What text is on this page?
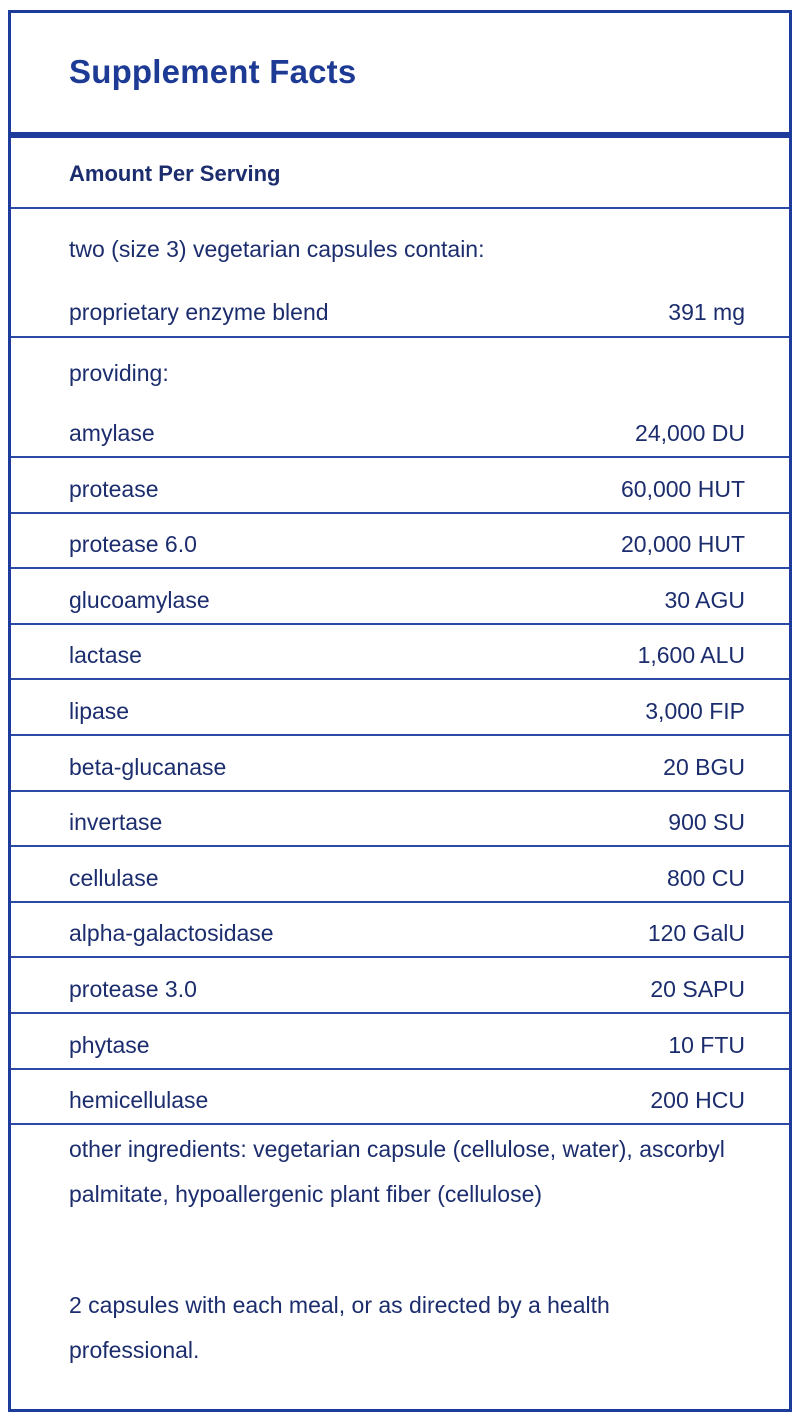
Supplement Facts
Amount Per Serving
two (size 3) vegetarian capsules contain:
proprietary enzyme blend	391 mg
providing:
amylase	24,000 DU
protease	60,000 HUT
protease 6.0	20,000 HUT
glucoamylase	30 AGU
lactase	1,600 ALU
lipase	3,000 FIP
beta-glucanase	20 BGU
invertase	900 SU
cellulase	800 CU
alpha-galactosidase	120 GalU
protease 3.0	20 SAPU
phytase	10 FTU
hemicellulase	200 HCU
other ingredients: vegetarian capsule (cellulose, water), ascorbyl palmitate, hypoallergenic plant fiber (cellulose)
2 capsules with each meal, or as directed by a health professional.
